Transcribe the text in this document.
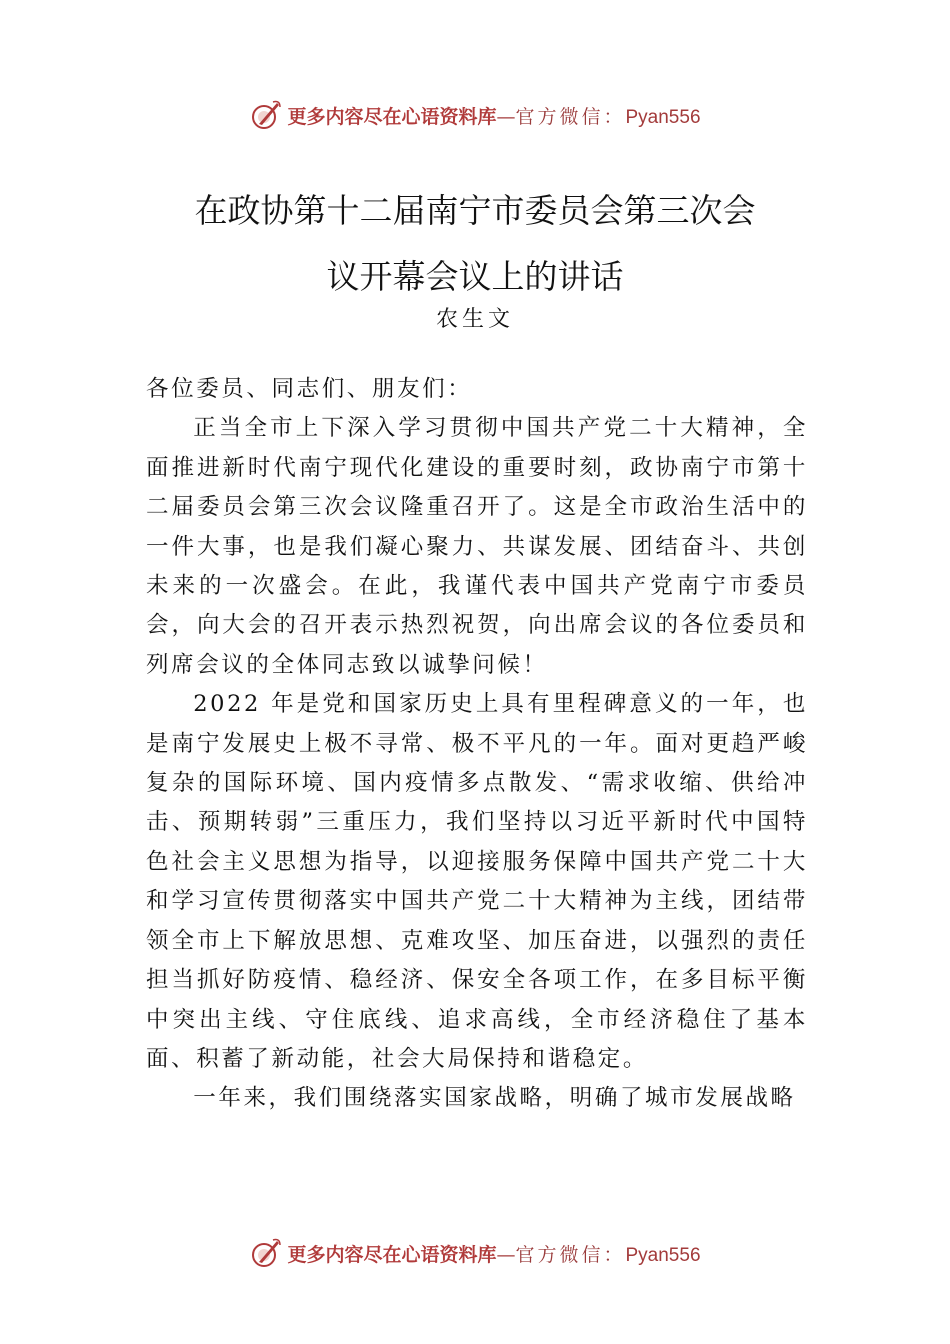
更多内容尽在心语资料库—官方微信：Pyan556
在政协第十二届南宁市委员会第三次会
议开幕会议上的讲话
农生文

各位委员、同志们、朋友们：

正当全市上下深入学习贯彻中国共产党二十大精神，全面推进新时代南宁现代化建设的重要时刻，政协南宁市第十二届委员会第三次会议隆重召开了。这是全市政治生活中的一件大事，也是我们凝心聚力、共谋发展、团结奋斗、共创未来的一次盛会。在此，我谨代表中国共产党南宁市委员会，向大会的召开表示热烈祝贺，向出席会议的各位委员和列席会议的全体同志致以诚挚问候！

2022 年是党和国家历史上具有里程碑意义的一年，也是南宁发展史上极不寻常、极不平凡的一年。面对更趋严峻复杂的国际环境、国内疫情多点散发、“需求收缩、供给冲击、预期转弱”三重压力，我们坚持以习近平新时代中国特色社会主义思想为指导，以迎接服务保障中国共产党二十大和学习宣传贯彻落实中国共产党二十大精神为主线，团结带领全市上下解放思想、克难攻坚、加压奋进，以强烈的责任担当抓好防疫情、稳经济、保安全各项工作，在多目标平衡中突出主线、守住底线、追求高线，全市经济稳住了基本面、积蓄了新动能，社会大局保持和谐稳定。

一年来，我们围绕落实国家战略，明确了城市发展战略

更多内容尽在心语资料库—官方微信：Pyan556
